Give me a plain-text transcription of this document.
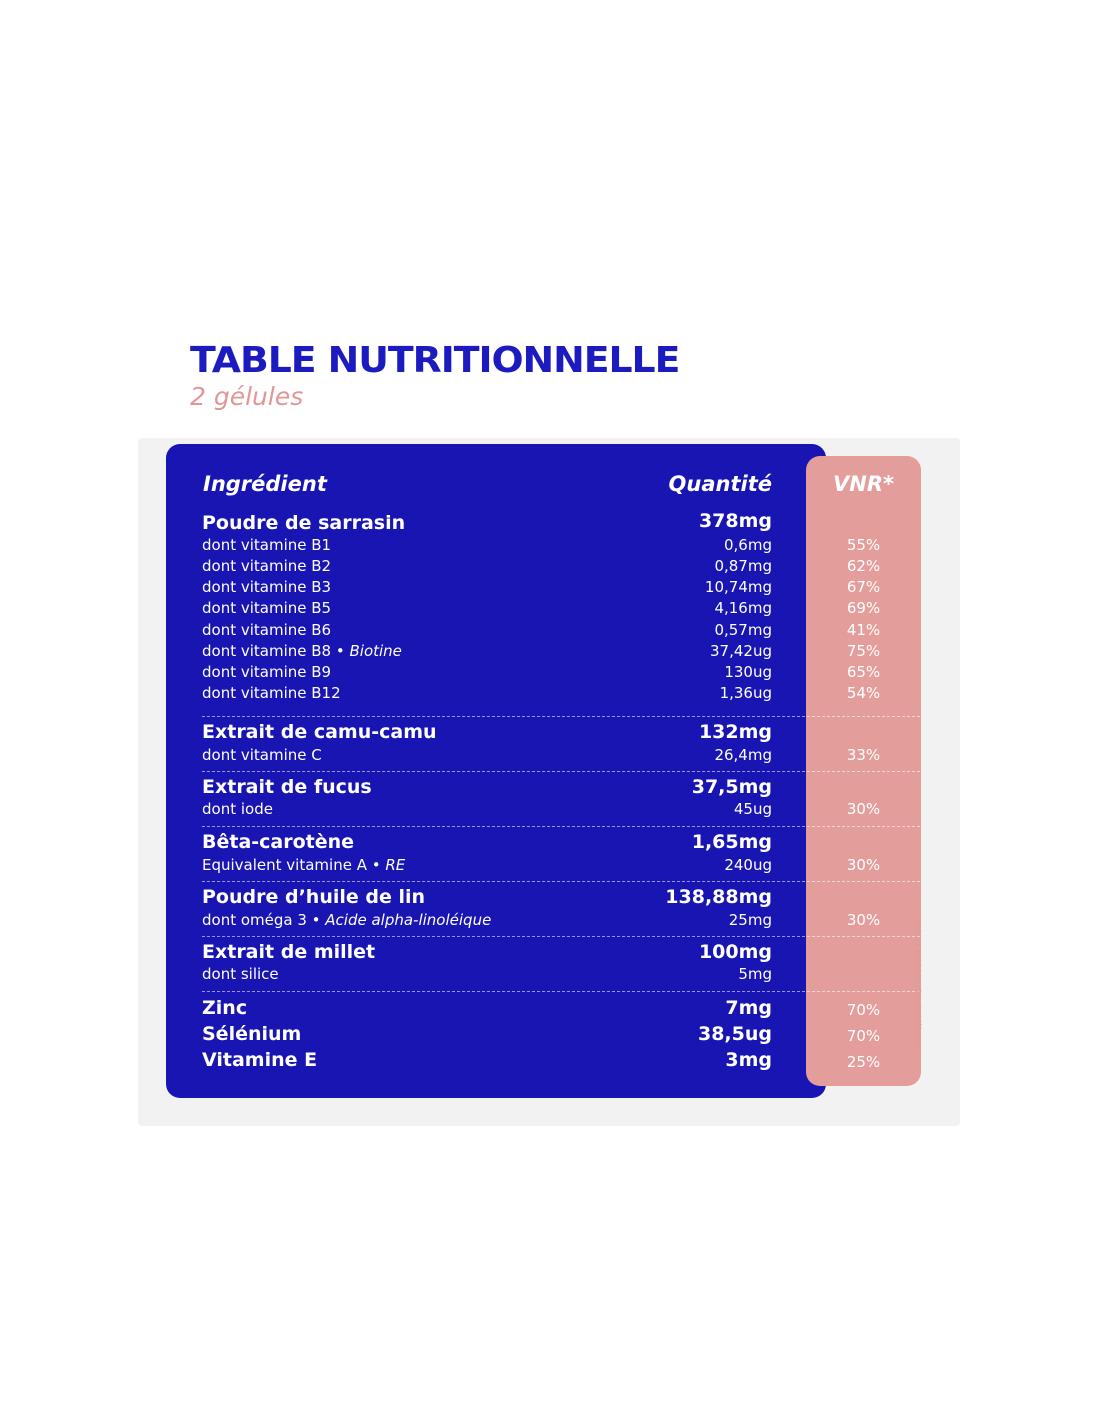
TABLE NUTRITIONNELLE
2 gélules
Ingrédient	Quantité	VNR*
Poudre de sarrasin	378mg
dont vitamine B1	0,6mg	55%
dont vitamine B2	0,87mg	62%
dont vitamine B3	10,74mg	67%
dont vitamine B5	4,16mg	69%
dont vitamine B6	0,57mg	41%
dont vitamine B8 • Biotine	37,42ug	75%
dont vitamine B9	130ug	65%
dont vitamine B12	1,36ug	54%
Extrait de camu-camu	132mg
dont vitamine C	26,4mg	33%
Extrait de fucus	37,5mg
dont iode	45ug	30%
Bêta-carotène	1,65mg
Equivalent vitamine A • RE	240ug	30%
Poudre d’huile de lin	138,88mg
dont oméga 3 • Acide alpha-linoléique	25mg	30%
Extrait de millet	100mg
dont silice	5mg
Zinc	7mg	70%
Sélénium	38,5ug	70%
Vitamine E	3mg	25%
*Valeurs Nutritionnelles de Référence
